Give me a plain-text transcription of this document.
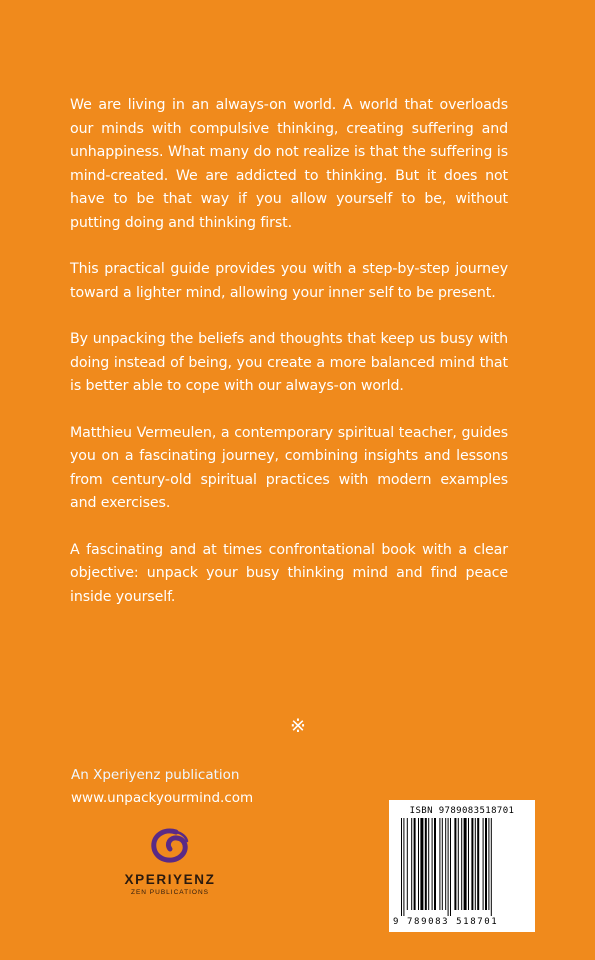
We are living in an always-on world. A world that overloads our minds with compulsive thinking, creating suffering and unhappiness. What many do not realize is that the suffering is mind-created. We are addicted to thinking. But it does not have to be that way if you allow yourself to be, without putting doing and thinking first.

This practical guide provides you with a step-by-step journey toward a lighter mind, allowing your inner self to be present.

By unpacking the beliefs and thoughts that keep us busy with doing instead of being, you create a more balanced mind that is better able to cope with our always-on world.

Matthieu Vermeulen, a contemporary spiritual teacher, guides you on a fascinating journey, combining insights and lessons from century-old spiritual practices with modern examples and exercises.

A fascinating and at times confrontational book with a clear objective: unpack your busy thinking mind and find peace inside yourself.

※
An Xperiyenz publication
www.unpackyourmind.com
XPERIYENZ
ZEN PUBLICATIONS
ISBN 9789083518701
9 789083 518701
